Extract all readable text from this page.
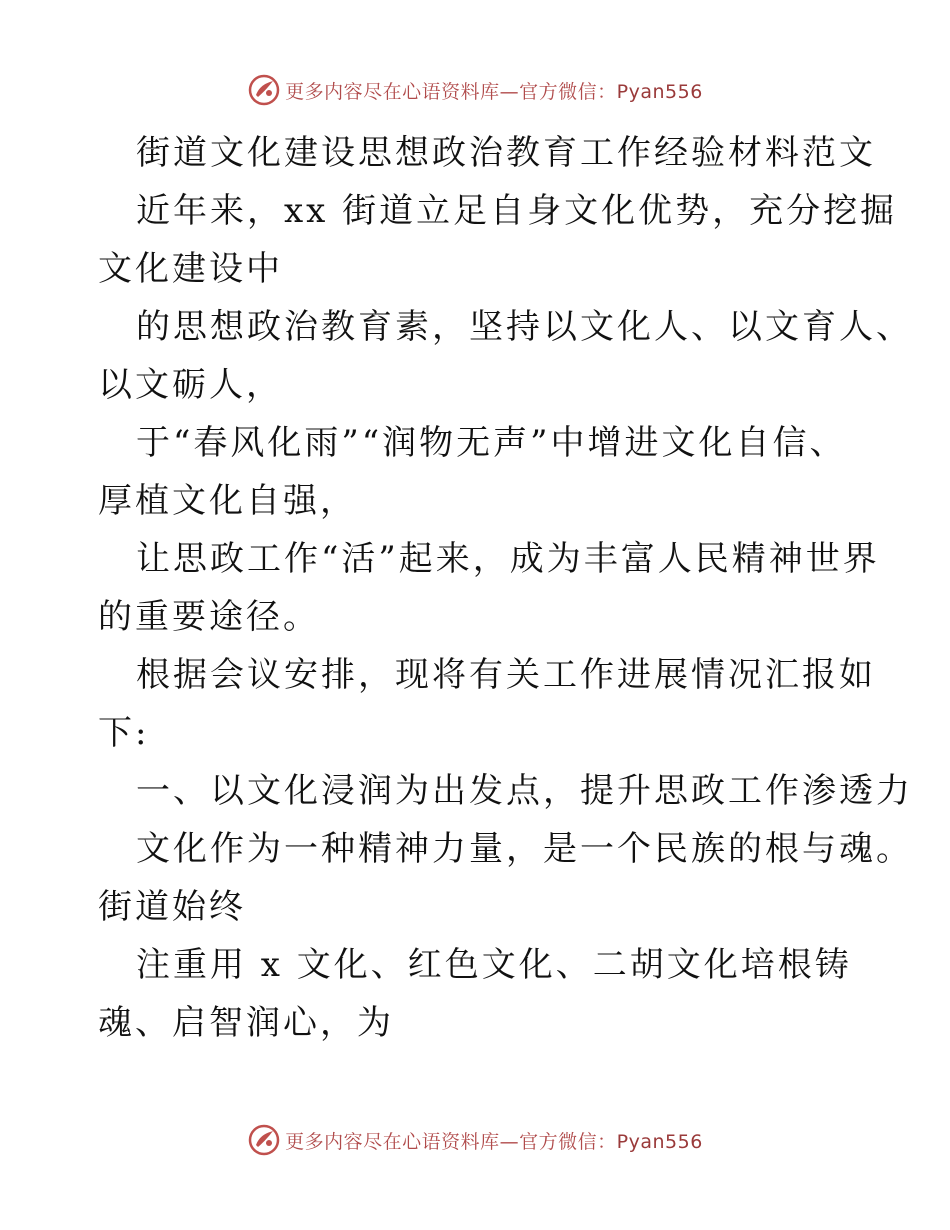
更多内容尽在心语资料库—官方微信：Pyan556
街道文化建设思想政治教育工作经验材料范文
近年来，xx 街道立足自身文化优势，充分挖掘
文化建设中
的思想政治教育素，坚持以文化人、以文育人、
以文砺人，
于“春风化雨”“润物无声”中增进文化自信、
厚植文化自强，
让思政工作“活”起来，成为丰富人民精神世界
的重要途径。
根据会议安排，现将有关工作进展情况汇报如
下:
一、以文化浸润为出发点，提升思政工作渗透力
文化作为一种精神力量，是一个民族的根与魂。
街道始终
注重用 x 文化、红色文化、二胡文化培根铸
魂、启智润心，为
更多内容尽在心语资料库—官方微信：Pyan556
